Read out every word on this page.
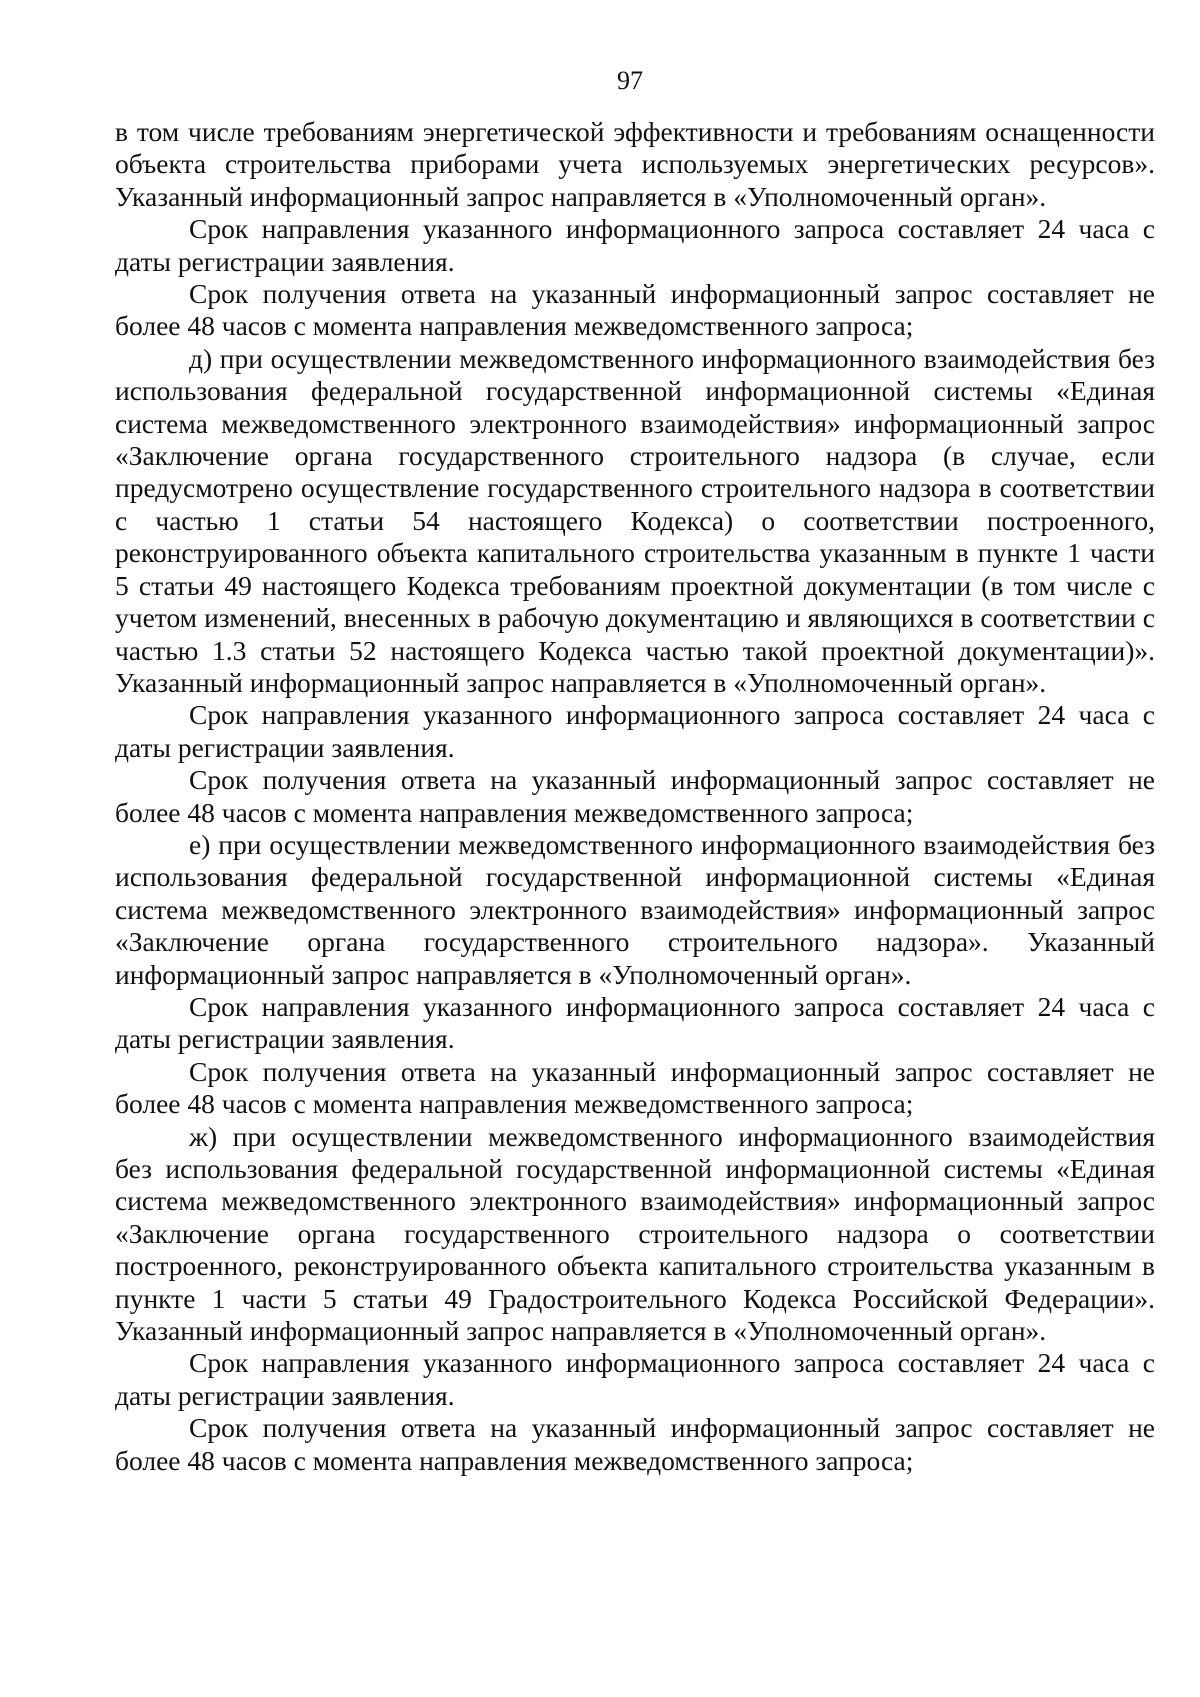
97

в том числе требованиям энергетической эффективности и требованиям оснащенности объекта строительства приборами учета используемых энергетических ресурсов». Указанный информационный запрос направляется в «Уполномоченный орган».

Срок направления указанного информационного запроса составляет 24 часа с даты регистрации заявления.

Срок получения ответа на указанный информационный запрос составляет не более 48 часов с момента направления межведомственного запроса;

д) при осуществлении межведомственного информационного взаимодействия без использования федеральной государственной информационной системы «Единая система межведомственного электронного взаимодействия» информационный запрос «Заключение органа государственного строительного надзора (в случае, если предусмотрено осуществление государственного строительного надзора в соответствии с частью 1 статьи 54 настоящего Кодекса) о соответствии построенного, реконструированного объекта капитального строительства указанным в пункте 1 части 5 статьи 49 настоящего Кодекса требованиям проектной документации (в том числе с учетом изменений, внесенных в рабочую документацию и являющихся в соответствии с частью 1.3 статьи 52 настоящего Кодекса частью такой проектной документации)». Указанный информационный запрос направляется в «Уполномоченный орган».

Срок направления указанного информационного запроса составляет 24 часа с даты регистрации заявления.

Срок получения ответа на указанный информационный запрос составляет не более 48 часов с момента направления межведомственного запроса;

е) при осуществлении межведомственного информационного взаимодействия без использования федеральной государственной информационной системы «Единая система межведомственного электронного взаимодействия» информационный запрос «Заключение органа государственного строительного надзора». Указанный информационный запрос направляется в «Уполномоченный орган».

Срок направления указанного информационного запроса составляет 24 часа с даты регистрации заявления.

Срок получения ответа на указанный информационный запрос составляет не более 48 часов с момента направления межведомственного запроса;

ж) при осуществлении межведомственного информационного взаимодействия без использования федеральной государственной информационной системы «Единая система межведомственного электронного взаимодействия» информационный запрос «Заключение органа государственного строительного надзора о соответствии построенного, реконструированного объекта капитального строительства указанным в пункте 1 части 5 статьи 49 Градостроительного Кодекса Российской Федерации». Указанный информационный запрос направляется в «Уполномоченный орган».

Срок направления указанного информационного запроса составляет 24 часа с даты регистрации заявления.

Срок получения ответа на указанный информационный запрос составляет не более 48 часов с момента направления межведомственного запроса;
